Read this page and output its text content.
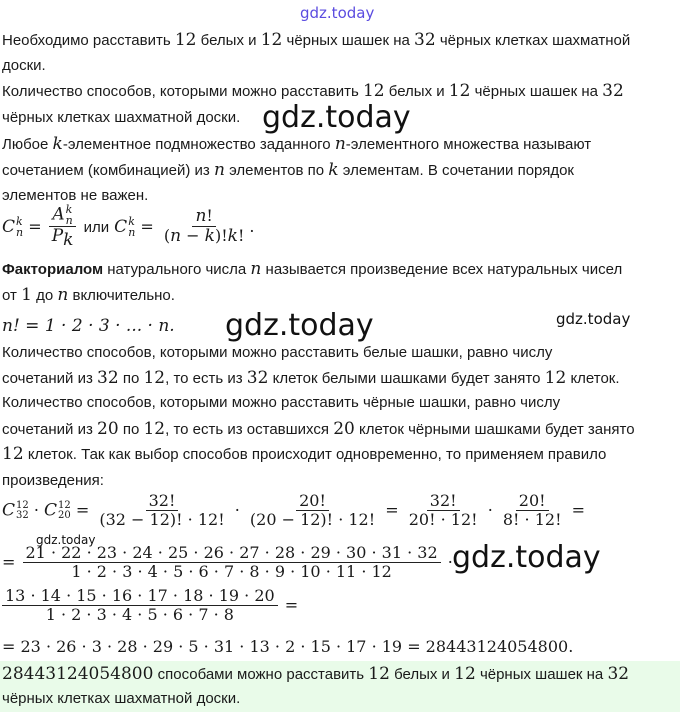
gdz.today
gdz.today
gdz.today	gdz.today
gdz.today	gdz.today
Необходимо расставить 12 белых и 12 чёрных шашек на 32 чёрных клетках шахматной
доски.
Количество способов, которыми можно расставить 12 белых и 12 чёрных шашек на 32
чёрных клетках шахматной доски.
Любое k-элементное подмножество заданного n-элементного множества называют
сочетанием (комбинацией) из n элементов по k элементам. В сочетании порядок
элементов не важен.
C k
n = A k
n
$P_k$ или C k
$n = \frac{n!}{(n - k)!k!}$ .
Факториалом натурального числа n называется произведение всех натуральных чисел
от 1 до n включительно.
n! = 1 · 2 · 3 · ... · n.
Количество способов, которыми можно расставить белые шашки, равно числу
сочетаний из 32 по 12, то есть из 32 клеток белыми шашками будет занято 12 клеток.
Количество способов, которыми можно расставить чёрные шашки, равно числу
сочетаний из 20 по 12, то есть из оставшихся 20 клеток чёрными шашками будет занято
12 клеток. Так как выбор способов происходит одновременно, то применяем правило
произведения:
C 12
32 · C 12
$20 = \frac{32!}{(32 - 12)! \cdot 12!} \cdot \frac{20!}{(20 - 12)! \cdot 12!} = \frac{32!}{20! \cdot 12!} \cdot \frac{20!}{8! \cdot 12!}$ =
= $\frac{21 \cdot 22 \cdot 23 \cdot 24 \cdot 25 \cdot 26 \cdot 27 \cdot 28 \cdot 29 \cdot 30 \cdot 31 \cdot 32}{1 \cdot 2 \cdot 3 \cdot 4 \cdot 5 \cdot 6 \cdot 7 \cdot 8 \cdot 9 \cdot 10 \cdot 11 \cdot 12}$ ·
$\frac{13 \cdot 14 \cdot 15 \cdot 16 \cdot 17 \cdot 18 \cdot 19 \cdot 20}{1 \cdot 2 \cdot 3 \cdot 4 \cdot 5 \cdot 6 \cdot 7 \cdot 8}$ =
= 23 · 26 · 3 · 28 · 29 · 5 · 31 · 13 · 2 · 15 · 17 · 19 = 28443124054800.
28443124054800 способами можно расставить 12 белых и 12 чёрных шашек на 32
чёрных клетках шахматной доски.
